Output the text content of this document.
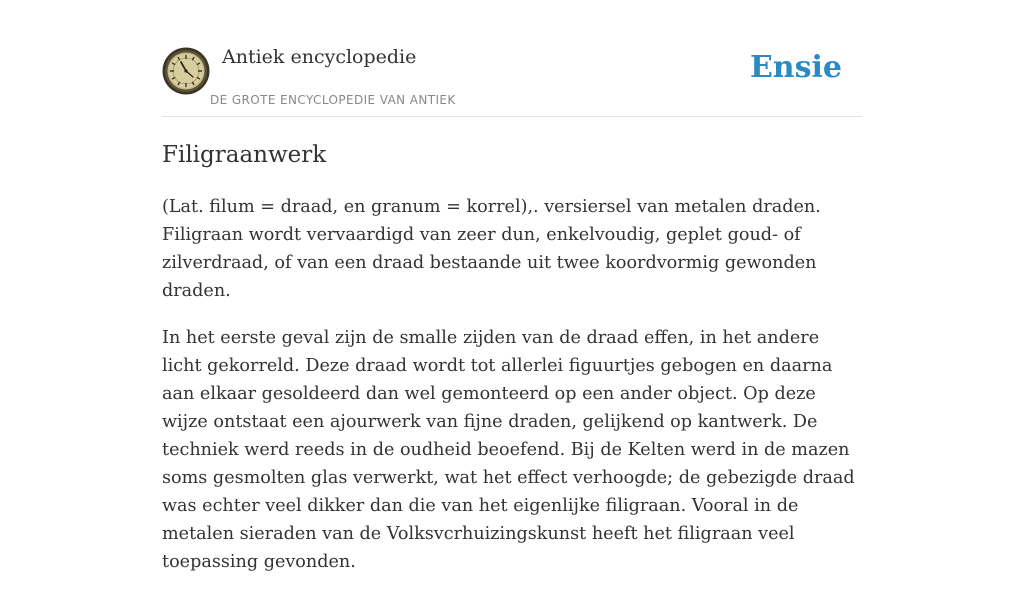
Antiek encyclopedie
DE GROTE ENCYCLOPEDIE VAN ANTIEK
Ensie
Filigraanwerk

(Lat. filum = draad, en granum = korrel),. versiersel van metalen draden. Filigraan wordt vervaardigd van zeer dun, enkelvoudig, geplet goud- of zilverdraad, of van een draad bestaande uit twee koordvormig gewonden draden.

In het eerste geval zijn de smalle zijden van de draad effen, in het andere licht gekorreld. Deze draad wordt tot allerlei figuurtjes gebogen en daarna aan elkaar gesoldeerd dan wel gemonteerd op een ander object. Op deze wijze ontstaat een ajourwerk van fijne draden, gelijkend op kantwerk. De techniek werd reeds in de oudheid beoefend. Bij de Kelten werd in de mazen soms gesmolten glas verwerkt, wat het effect verhoogde; de gebezigde draad was echter veel dikker dan die van het eigenlijke filigraan. Vooral in de metalen sieraden van de Volksvcrhuizingskunst heeft het filigraan veel toepassing gevonden.
